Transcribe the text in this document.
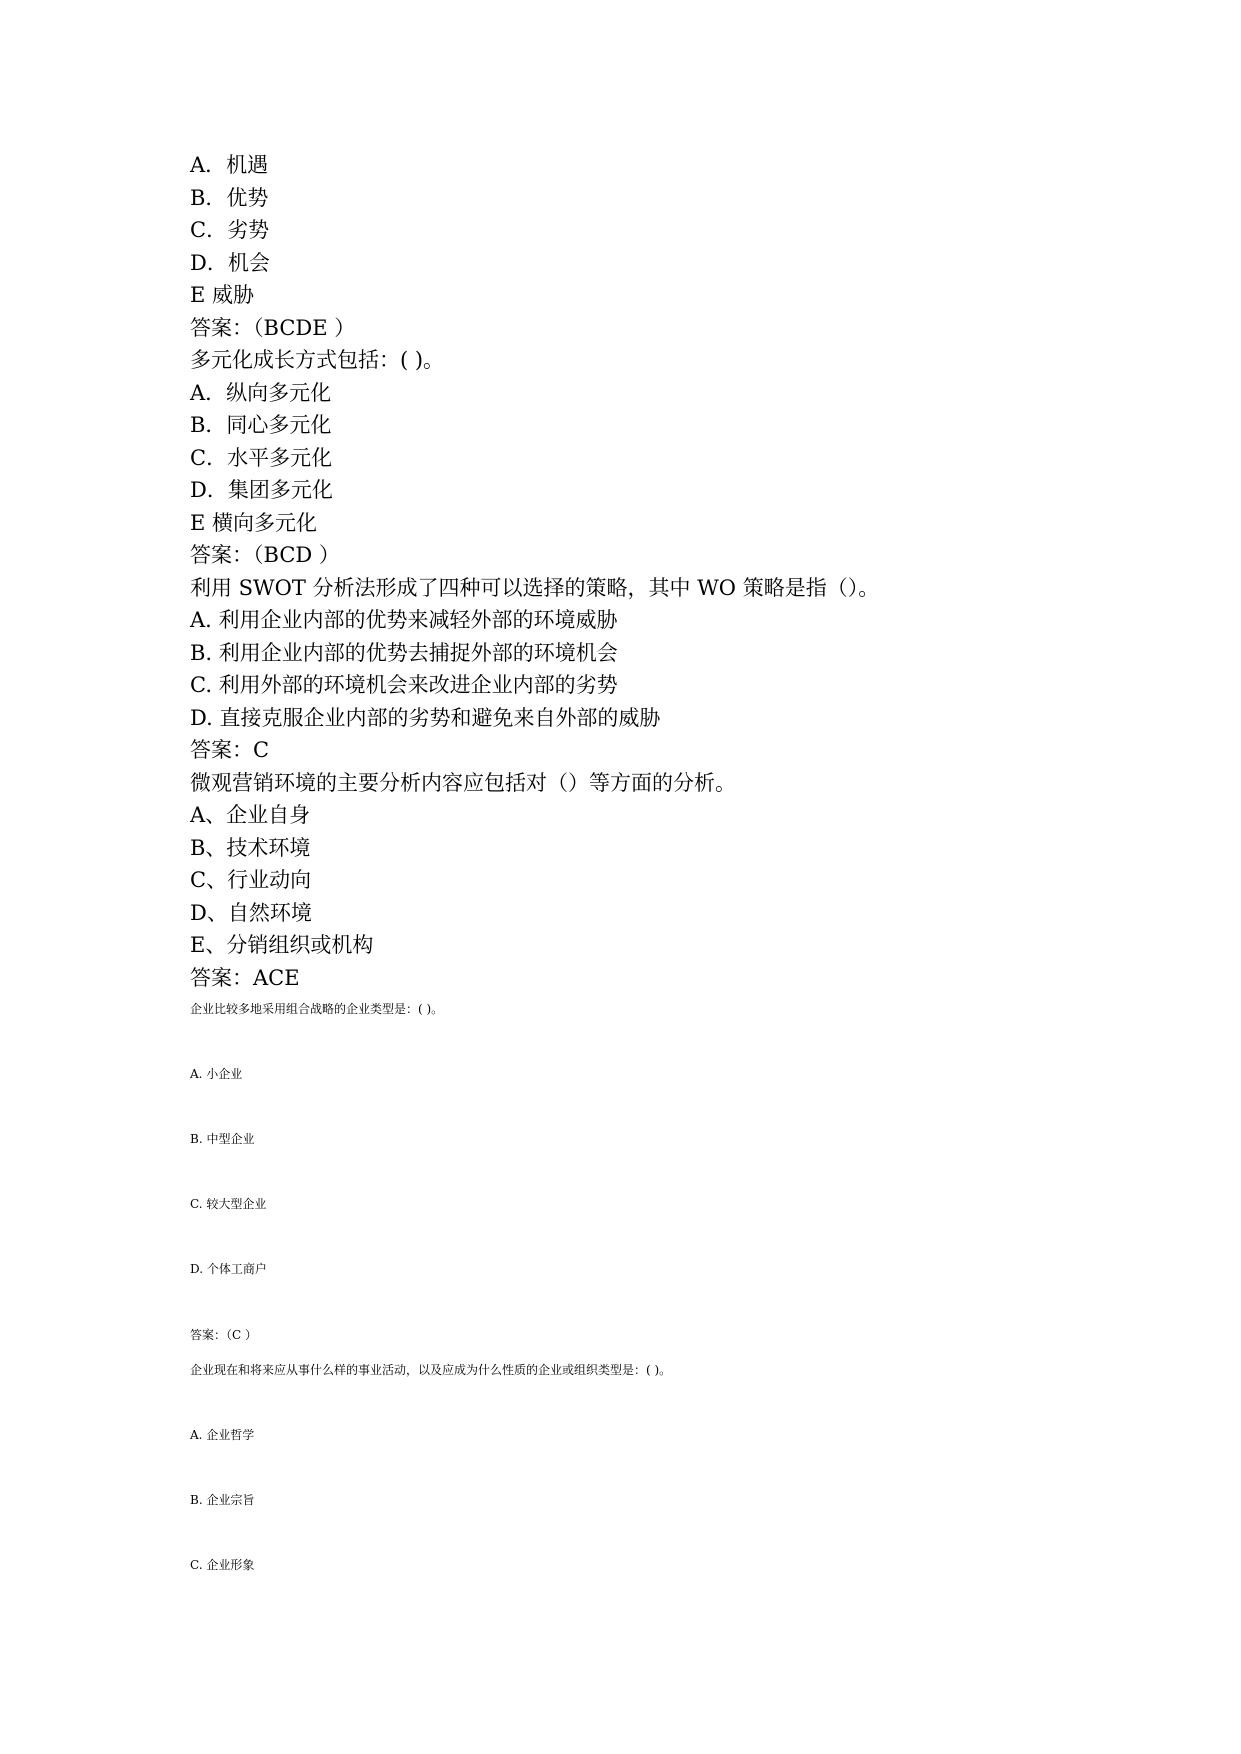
A．机遇
B．优势
C．劣势
D．机会
E 威胁
答案：（BCDE ）
多元化成长方式包括：( )。
A．纵向多元化
B．同心多元化
C．水平多元化
D．集团多元化
E 横向多元化
答案：（BCD ）
利用 SWOT 分析法形成了四种可以选择的策略，其中 WO 策略是指（）。
A. 利用企业内部的优势来减轻外部的环境威胁
B. 利用企业内部的优势去捕捉外部的环境机会
C. 利用外部的环境机会来改进企业内部的劣势
D. 直接克服企业内部的劣势和避免来自外部的威胁
答案：C
微观营销环境的主要分析内容应包括对（）等方面的分析。
A、企业自身
B、技术环境
C、行业动向
D、自然环境
E、分销组织或机构
答案：ACE
企业比较多地采用组合战略的企业类型是：( )。
A. 小企业
B. 中型企业
C. 较大型企业
D. 个体工商户
答案：（C ）
企业现在和将来应从事什么样的事业活动，以及应成为什么性质的企业或组织类型是：( )。
A. 企业哲学
B. 企业宗旨
C. 企业形象
